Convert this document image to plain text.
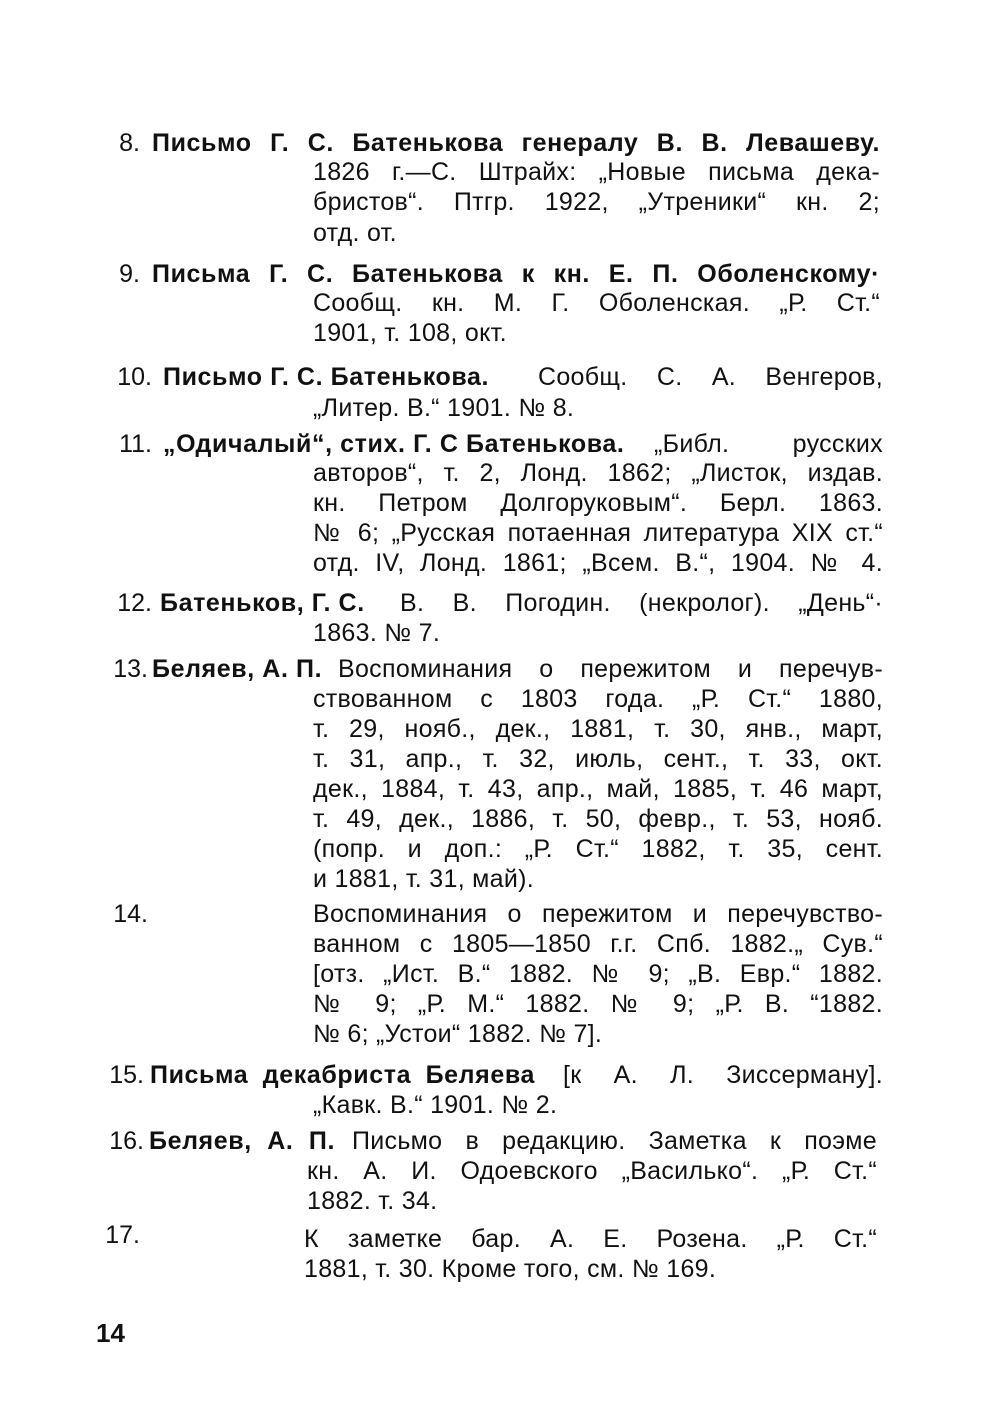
8. Письмо Г. С. Батенькова генералу В. В. Левашеву.
1826 г.—С. Штрайх: „Новые письма дека-
бристов“. Птгр. 1922, „Утреники“ кн. 2;
отд. от.
9. Письма Г. С. Батенькова к кн. Е. П. Оболенскому·
Сообщ. кн. М. Г. Оболенская. „Р. Ст.“
1901, т. 108, окт.
10. Письмо Г. С. Батенькова. Сообщ. С. А. Венгеров,
„Литер. В.“ 1901. № 8.
11. „Одичалый“, стих. Г. С Батенькова. „Библ. русских
авторов“, т. 2, Лонд. 1862; „Листок, издав.
кн. Петром Долгоруковым“. Берл. 1863.
№ 6; „Русская потаенная литература XIX ст.“
отд. IV, Лонд. 1861; „Всем. В.“, 1904. № 4.
12. Батеньков, Г. С. В. В. Погодин. (некролог). „День“·
1863. № 7.
13. Беляев, А. П. Воспоминания о пережитом и перечув-
ствованном с 1803 года. „Р. Ст.“ 1880,
т. 29, нояб., дек., 1881, т. 30, янв., март,
т. 31, апр., т. 32, июль, сент., т. 33, окт.
дек., 1884, т. 43, апр., май, 1885, т. 46 март,
т. 49, дек., 1886, т. 50, февр., т. 53, нояб.
(попр. и доп.: „Р. Ст.“ 1882, т. 35, сент.
и 1881, т. 31, май).
14.	Воспоминания о пережитом и перечувство-
ванном с 1805—1850 г.г. Спб. 1882.„ Сув.“
[отз. „Ист. В.“ 1882. № 9; „В. Евр.“ 1882.
№ 9; „Р. М.“ 1882. № 9; „Р. В. “1882.
№ 6; „Устои“ 1882. № 7].
15. Письма декабриста Беляева [к А. Л. Зиссерману].
„Кавк. В.“ 1901. № 2.
16. Беляев, А. П. Письмо в редакцию. Заметка к поэме
кн. А. И. Одоевского „Василько“. „Р. Ст.“
1882. т. 34.
17.	К заметке бар. А. Е. Розена. „Р. Ст.“
1881, т. 30. Кроме того, см. № 169.
14
